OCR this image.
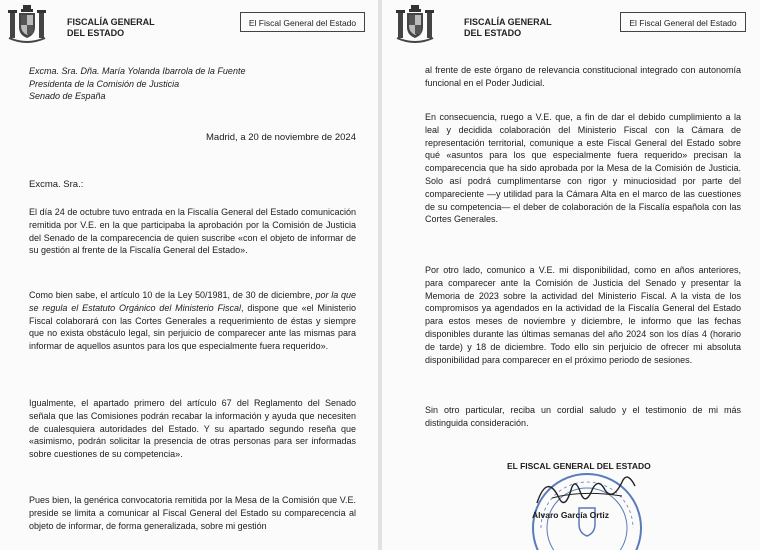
FISCALÍA GENERAL
DEL ESTADO
El Fiscal General del Estado
Excma. Sra. Dña. María Yolanda Ibarrola de la Fuente
Presidenta de la Comisión de Justicia
Senado de España
Madrid, a 20 de noviembre de 2024
Excma. Sra.:

El día 24 de octubre tuvo entrada en la Fiscalía General del Estado comunicación remitida por V.E. en la que participaba la aprobación por la Comisión de Justicia del Senado de la comparecencia de quien suscribe «con el objeto de informar de su gestión al frente de la Fiscalía General del Estado».

Como bien sabe, el artículo 10 de la Ley 50/1981, de 30 de diciembre, por la que se regula el Estatuto Orgánico del Ministerio Fiscal, dispone que «el Ministerio Fiscal colaborará con las Cortes Generales a requerimiento de éstas y siempre que no exista obstáculo legal, sin perjuicio de comparecer ante las mismas para informar de aquellos asuntos para los que especialmente fuera requerido».

Igualmente, el apartado primero del artículo 67 del Reglamento del Senado señala que las Comisiones podrán recabar la información y ayuda que necesiten de cualesquiera autoridades del Estado. Y su apartado segundo reseña que «asimismo, podrán solicitar la presencia de otras personas para ser informadas sobre cuestiones de su competencia».

Pues bien, la genérica convocatoria remitida por la Mesa de la Comisión que V.E. preside se limita a comunicar al Fiscal General del Estado su comparecencia al objeto de informar, de forma generalizada, sobre mi gestión

FISCALÍA GENERAL
DEL ESTADO
El Fiscal General del Estado

al frente de este órgano de relevancia constitucional integrado con autonomía funcional en el Poder Judicial.

En consecuencia, ruego a V.E. que, a fin de dar el debido cumplimiento a la leal y decidida colaboración del Ministerio Fiscal con la Cámara de representación territorial, comunique a este Fiscal General del Estado sobre qué «asuntos para los que especialmente fuera requerido» precisan la comparecencia que ha sido aprobada por la Mesa de la Comisión de Justicia. Solo así podrá cumplimentarse con rigor y minuciosidad por parte del compareciente —y utilidad para la Cámara Alta en el marco de las cuestiones de su competencia— el deber de colaboración de la Fiscalía española con las Cortes Generales.

Por otro lado, comunico a V.E. mi disponibilidad, como en años anteriores, para comparecer ante la Comisión de Justicia del Senado y presentar la Memoria de 2023 sobre la actividad del Ministerio Fiscal. A la vista de los compromisos ya agendados en la actividad de la Fiscalía General del Estado para estos meses de noviembre y diciembre, le informo que las fechas disponibles durante las últimas semanas del año 2024 son los días 4 (horario de tarde) y 18 de diciembre. Todo ello sin perjuicio de ofrecer mi absoluta disponibilidad para comparecer en el próximo periodo de sesiones.

Sin otro particular, reciba un cordial saludo y el testimonio de mi más distinguida consideración.

EL FISCAL GENERAL DEL ESTADO
Álvaro García Ortiz
